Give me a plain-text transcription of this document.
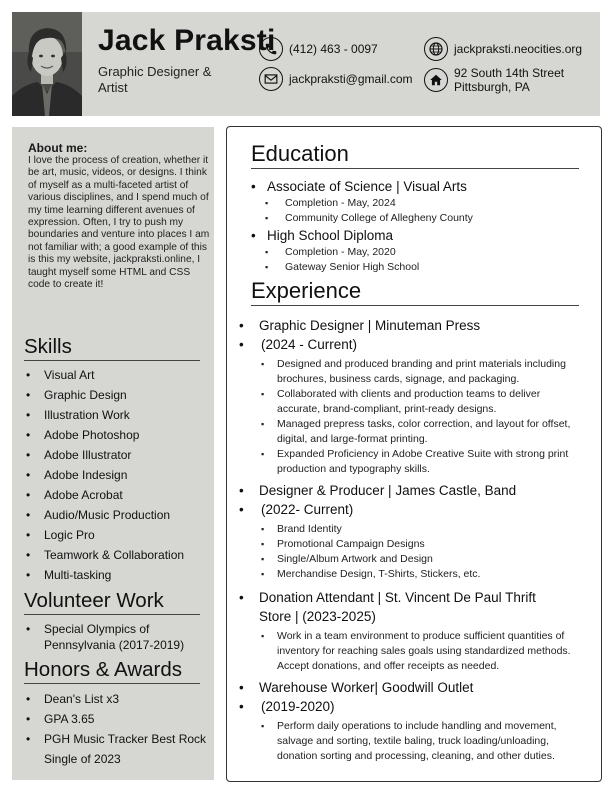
Jack Praksti
Graphic Designer & Artist
(412) 463 - 0097
jackpraksti@gmail.com
jackpraksti.neocities.org
92 South 14th Street
Pittsburgh, PA
About me:
I love the process of creation, whether it be art, music, videos, or designs. I think of myself as a multi-faceted artist of various disciplines, and I spend much of my time learning different avenues of expression. Often, I try to push my boundaries and venture into places I am not familiar with; a good example of this is this my website, jackpraksti.online, I taught myself some HTML and CSS code to create it!
Skills
• Visual Art
• Graphic Design
• Illustration Work
• Adobe Photoshop
• Adobe Illustrator
• Adobe Indesign
• Adobe Acrobat
• Audio/Music Production
• Logic Pro
• Teamwork & Collaboration
• Multi-tasking
Volunteer Work
• Special Olympics of Pennsylvania (2017-2019)
Honors & Awards
• Dean's List x3
• GPA 3.65
• PGH Music Tracker Best Rock Single of 2023
Education
• Associate of Science | Visual Arts
▪ Completion - May, 2024
▪ Community College of Allegheny County
• High School Diploma
▪ Completion - May, 2020
▪ Gateway Senior High School
Experience
• Graphic Designer | Minuteman Press
• (2024 - Current)
▪ Designed and produced branding and print materials including brochures, business cards, signage, and packaging.
▪ Collaborated with clients and production teams to deliver accurate, brand-compliant, print-ready designs.
▪ Managed prepress tasks, color correction, and layout for offset, digital, and large-format printing.
▪ Expanded Proficiency in Adobe Creative Suite with strong print production and typography skills.
• Designer & Producer | James Castle, Band
• (2022- Current)
▪ Brand Identity
▪ Promotional Campaign Designs
▪ Single/Album Artwork and Design
▪ Merchandise Design, T-Shirts, Stickers, etc.
• Donation Attendant | St. Vincent De Paul Thrift Store | (2023-2025)
▪ Work in a team environment to produce sufficient quantities of inventory for reaching sales goals using standardized methods. Accept donations, and offer receipts as needed.
• Warehouse Worker| Goodwill Outlet
• (2019-2020)
▪ Perform daily operations to include handling and movement, salvage and sorting, textile baling, truck loading/unloading, donation sorting and processing, cleaning, and other duties.
